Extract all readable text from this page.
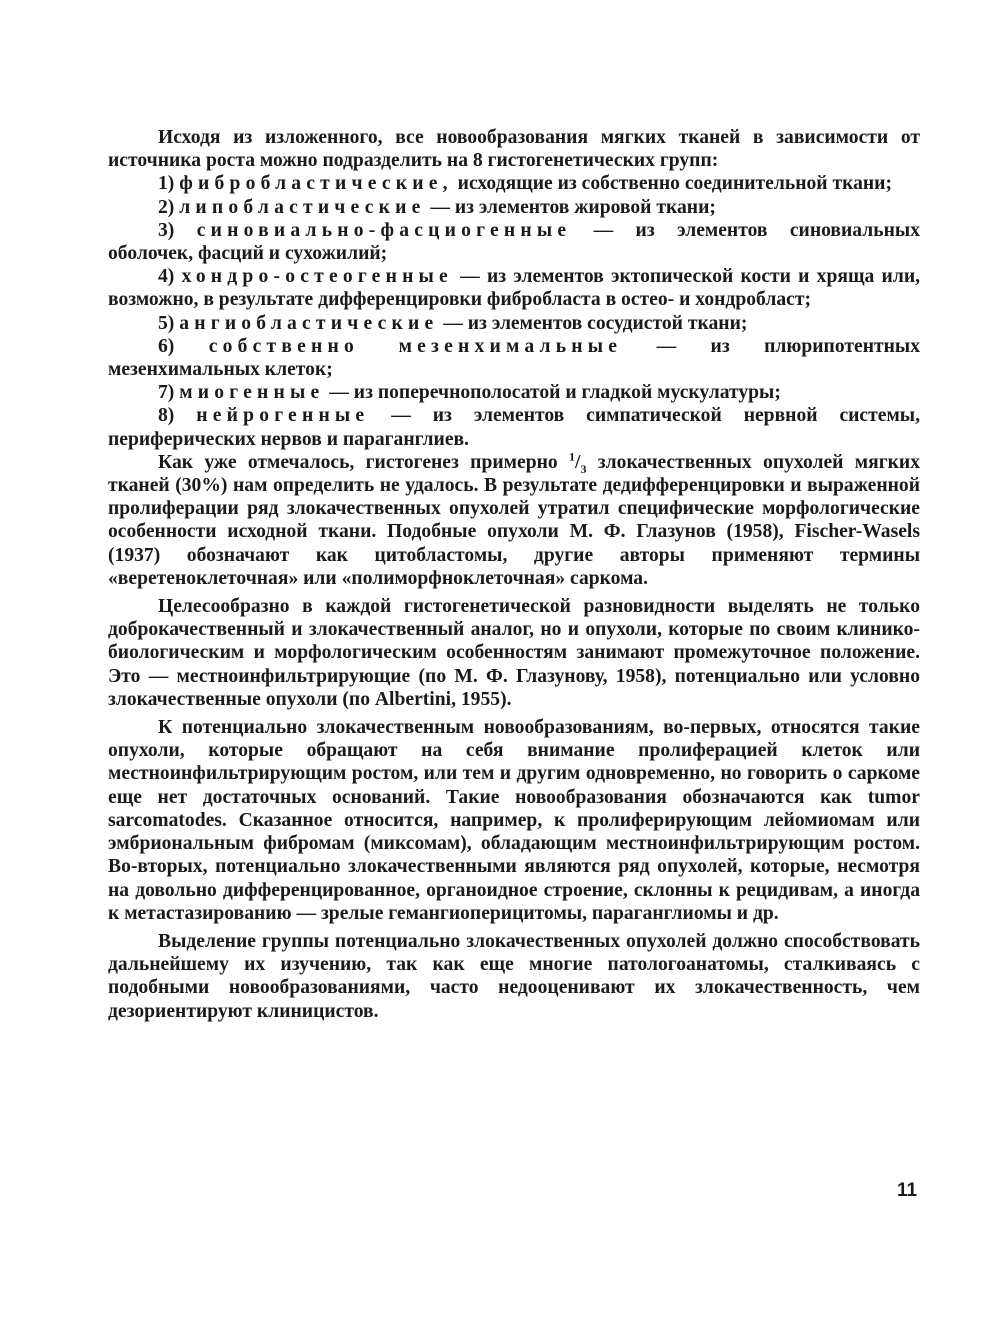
Исходя из изложенного, все новообразования мягких тканей в зависимости от источника роста можно подразделить на 8 гистогенетических групп:

1) фибробластические, исходящие из собственно соединительной ткани;

2) липобластические — из элементов жировой ткани;

3) синовиально-фасциогенные — из элементов синовиальных оболочек, фасций и сухожилий;

4) хондро-остеогенные — из элементов эктопической кости и хряща или, возможно, в результате дифференцировки фибробласта в остео- и хондробласт;

5) ангиобластические — из элементов сосудистой ткани;

6) собственно мезенхимальные — из плюрипотентных мезенхимальных клеток;

7) миогенные — из поперечнополосатой и гладкой мускулатуры;

8) нейрогенные — из элементов симпатической нервной системы, периферических нервов и параганглиев.

Как уже отмечалось, гистогенез примерно $^1/_3$ злокачественных опухолей мягких тканей (30%) нам определить не удалось. В результате дедифференцировки и выраженной пролиферации ряд злокачественных опухолей утратил специфические морфологические особенности исходной ткани. Подобные опухоли М. Ф. Глазунов (1958), Fischer-Wasels (1937) обозначают как цитобластомы, другие авторы применяют термины «веретеноклеточная» или «полиморфноклеточная» саркома.

Целесообразно в каждой гистогенетической разновидности выделять не только доброкачественный и злокачественный аналог, но и опухоли, которые по своим клинико-биологическим и морфологическим особенностям занимают промежуточное положение. Это — местноинфильтрирующие (по М. Ф. Глазунову, 1958), потенциально или условно злокачественные опухоли (по Albertini, 1955).

К потенциально злокачественным новообразованиям, во-первых, относятся такие опухоли, которые обращают на себя внимание пролиферацией клеток или местноинфильтрирующим ростом, или тем и другим одновременно, но говорить о саркоме еще нет достаточных оснований. Такие новообразования обозначаются как tumor sarcomatodes. Сказанное относится, например, к пролиферирующим лейомиомам или эмбриональным фибромам (миксомам), обладающим местноинфильтрирующим ростом. Во-вторых, потенциально злокачественными являются ряд опухолей, которые, несмотря на довольно дифференцированное, органоидное строение, склонны к рецидивам, а иногда к метастазированию — зрелые гемангиоперицитомы, параганглиомы и др.

Выделение группы потенциально злокачественных опухолей должно способствовать дальнейшему их изучению, так как еще многие патологоанатомы, сталкиваясь с подобными новообразованиями, часто недооценивают их злокачественность, чем дезориентируют клиницистов.

11
